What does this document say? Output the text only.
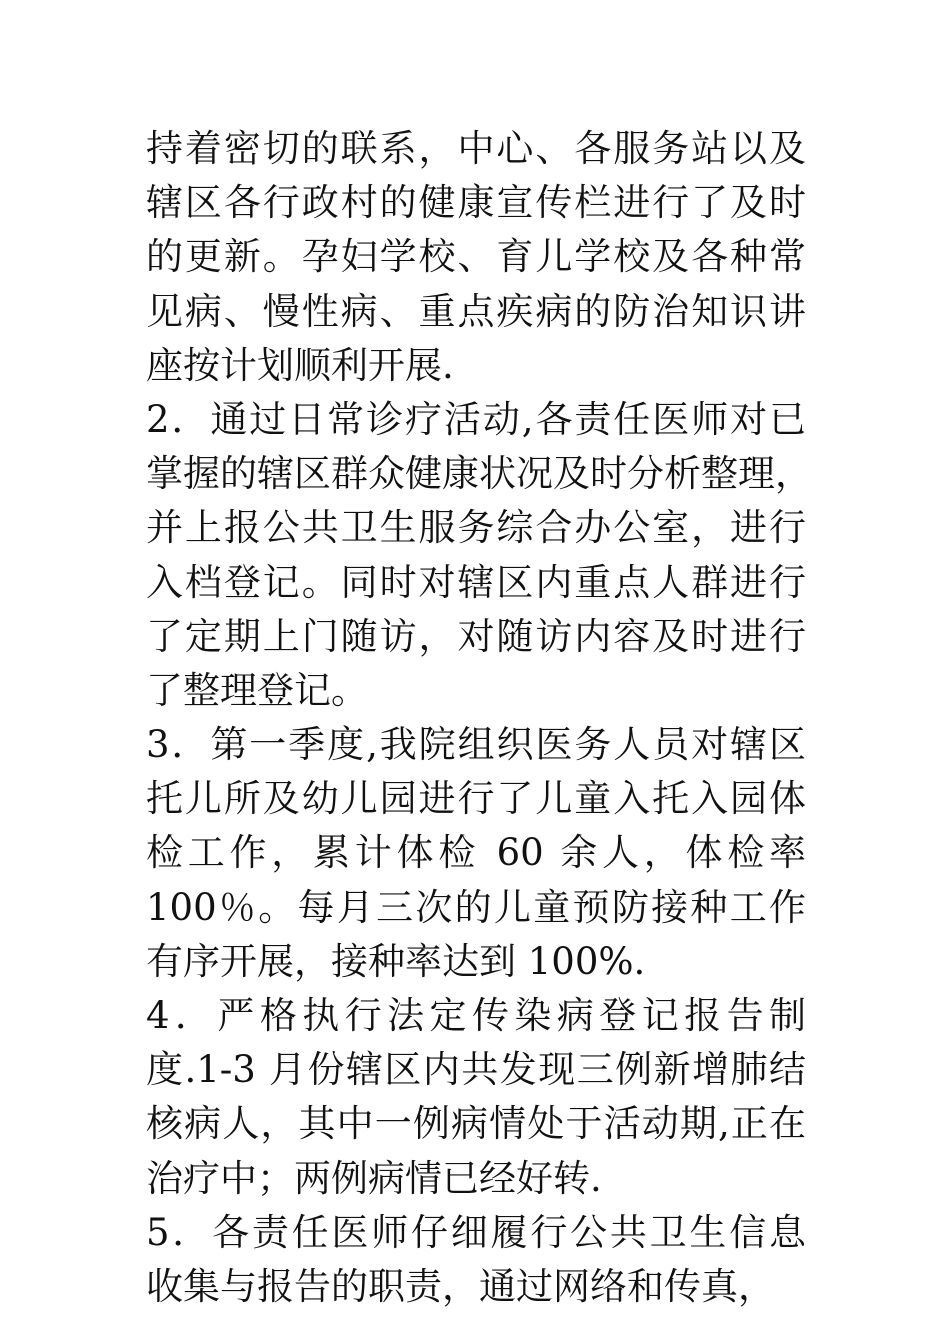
持着密切的联系，中心、各服务站以及
辖区各行政村的健康宣传栏进行了及时
的更新。孕妇学校、育儿学校及各种常
见病、慢性病、重点疾病的防治知识讲
座按计划顺利开展.
2．通过日常诊疗活动,各责任医师对已
掌握的辖区群众健康状况及时分析整理，
并上报公共卫生服务综合办公室，进行
入档登记。同时对辖区内重点人群进行
了定期上门随访，对随访内容及时进行
了整理登记。
3．第一季度,我院组织医务人员对辖区
托儿所及幼儿园进行了儿童入托入园体
检工作，累计体检 60 余人，体检率
100％。每月三次的儿童预防接种工作
有序开展，接种率达到 100%.
4．严格执行法定传染病登记报告制
度.1-3 月份辖区内共发现三例新增肺结
核病人，其中一例病情处于活动期,正在
治疗中；两例病情已经好转.
5．各责任医师仔细履行公共卫生信息
收集与报告的职责，通过网络和传真，
